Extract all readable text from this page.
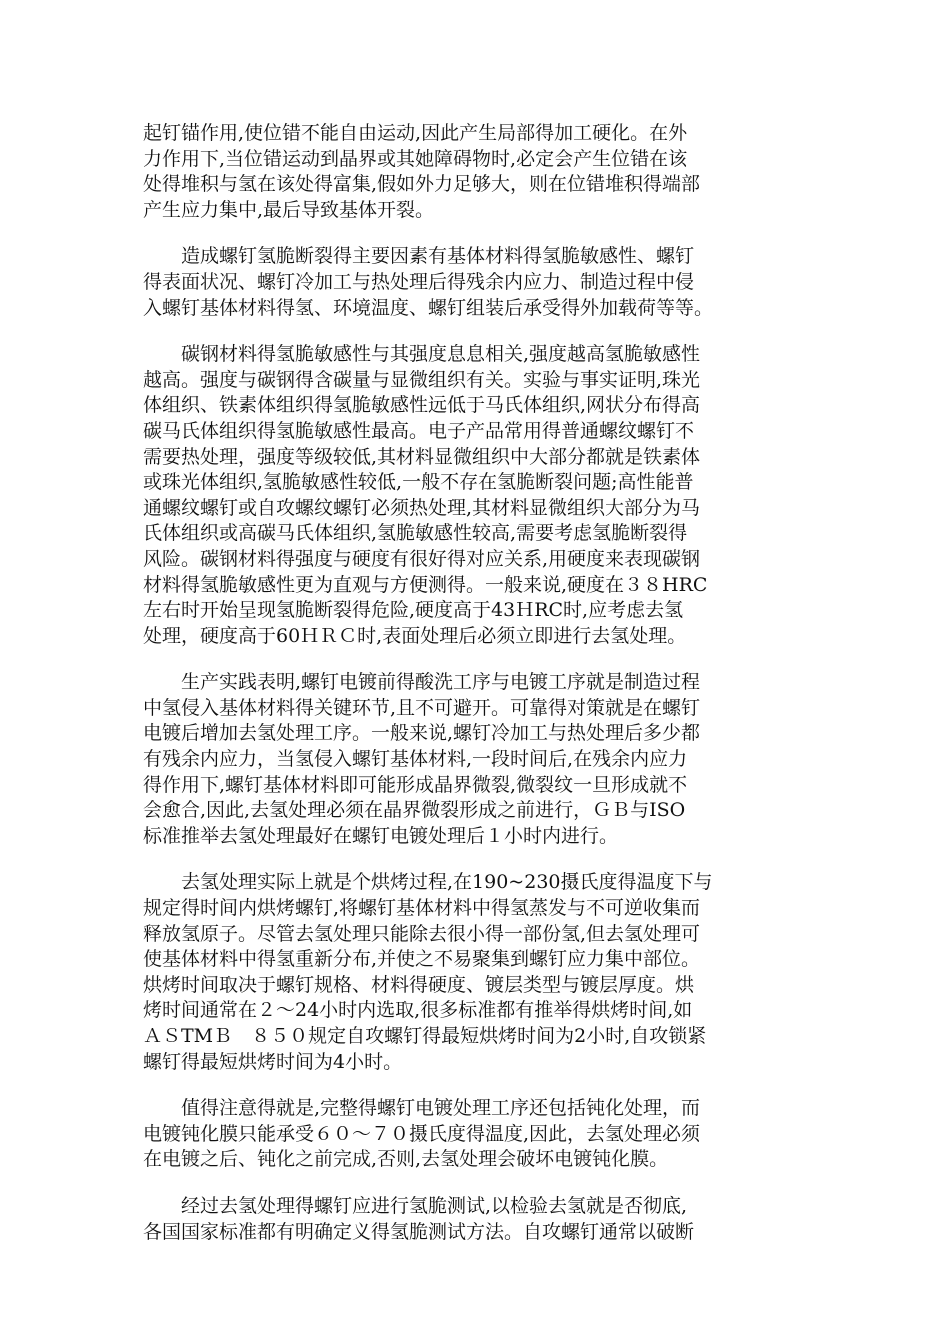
起钉锚作用,使位错不能自由运动,因此产生局部得加工硬化。在外
力作用下,当位错运动到晶界或其她障碍物时,必定会产生位错在该
处得堆积与氢在该处得富集,假如外力足够大，则在位错堆积得端部
产生应力集中,最后导致基体开裂。
　　造成螺钉氢脆断裂得主要因素有基体材料得氢脆敏感性、螺钉
得表面状况、螺钉冷加工与热处理后得残余内应力、制造过程中侵
入螺钉基体材料得氢、环境温度、螺钉组装后承受得外加载荷等等。
　　碳钢材料得氢脆敏感性与其强度息息相关,强度越高氢脆敏感性
越高。强度与碳钢得含碳量与显微组织有关。实验与事实证明,珠光
体组织、铁素体组织得氢脆敏感性远低于马氏体组织,网状分布得高
碳马氏体组织得氢脆敏感性最高。电子产品常用得普通螺纹螺钉不
需要热处理，强度等级较低,其材料显微组织中大部分都就是铁素体
或珠光体组织,氢脆敏感性较低,一般不存在氢脆断裂问题;高性能普
通螺纹螺钉或自攻螺纹螺钉必须热处理,其材料显微组织大部分为马
氏体组织或高碳马氏体组织,氢脆敏感性较高,需要考虑氢脆断裂得
风险。碳钢材料得强度与硬度有很好得对应关系,用硬度来表现碳钢
材料得氢脆敏感性更为直观与方便测得。一般来说,硬度在３８HRC
左右时开始呈现氢脆断裂得危险,硬度高于43ＨRC时,应考虑去氢
处理，硬度高于60ＨＲＣ时,表面处理后必须立即进行去氢处理。
　　生产实践表明,螺钉电镀前得酸洗工序与电镀工序就是制造过程
中氢侵入基体材料得关键环节,且不可避开。可靠得对策就是在螺钉
电镀后增加去氢处理工序。一般来说,螺钉冷加工与热处理后多少都
有残余内应力，当氢侵入螺钉基体材料,一段时间后,在残余内应力
得作用下,螺钉基体材料即可能形成晶界微裂,微裂纹一旦形成就不
会愈合,因此,去氢处理必须在晶界微裂形成之前进行，ＧＢ与ISO
标准推举去氢处理最好在螺钉电镀处理后１小时内进行。
　　去氢处理实际上就是个烘烤过程,在190~230摄氏度得温度下与
规定得时间内烘烤螺钉,将螺钉基体材料中得氢蒸发与不可逆收集而
释放氢原子。尽管去氢处理只能除去很小得一部份氢,但去氢处理可
使基体材料中得氢重新分布,并使之不易聚集到螺钉应力集中部位。
烘烤时间取决于螺钉规格、材料得硬度、镀层类型与镀层厚度。烘
烤时间通常在２～24小时内选取,很多标准都有推举得烘烤时间,如
ＡＳTMＢ　８５０规定自攻螺钉得最短烘烤时间为2小时,自攻锁紧
螺钉得最短烘烤时间为4小时。
　　值得注意得就是,完整得螺钉电镀处理工序还包括钝化处理，而
电镀钝化膜只能承受６０～７０摄氏度得温度,因此，去氢处理必须
在电镀之后、钝化之前完成,否则,去氢处理会破坏电镀钝化膜。
　　经过去氢处理得螺钉应进行氢脆测试,以检验去氢就是否彻底,
各国国家标准都有明确定义得氢脆测试方法。自攻螺钉通常以破断
